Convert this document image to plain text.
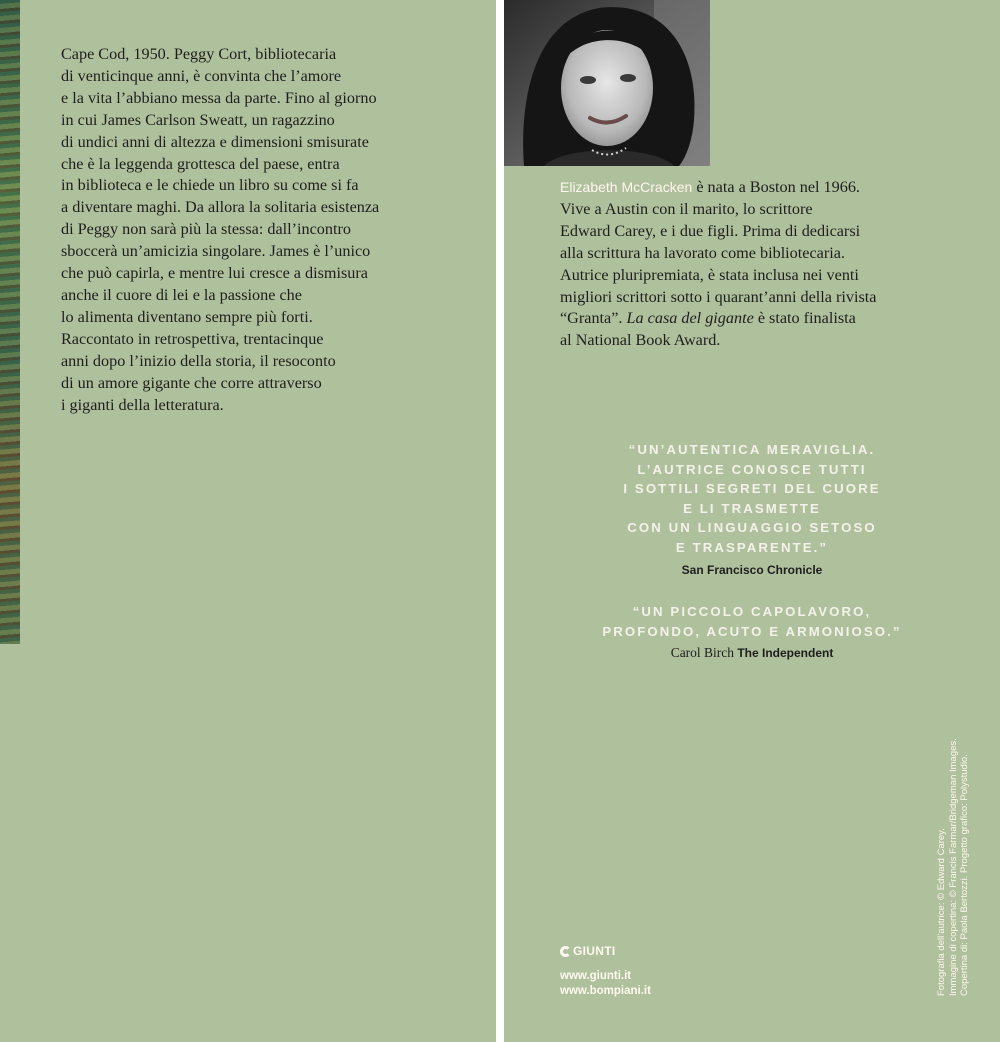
Cape Cod, 1950. Peggy Cort, bibliotecaria
di venticinque anni, è convinta che l’amore
e la vita l’abbiano messa da parte. Fino al giorno
in cui James Carlson Sweatt, un ragazzino
di undici anni di altezza e dimensioni smisurate
che è la leggenda grottesca del paese, entra
in biblioteca e le chiede un libro su come si fa
a diventare maghi. Da allora la solitaria esistenza
di Peggy non sarà più la stessa: dall’incontro
sboccerà un’amicizia singolare. James è l’unico
che può capirla, e mentre lui cresce a dismisura
anche il cuore di lei e la passione che
lo alimenta diventano sempre più forti.
Raccontato in retrospettiva, trentacinque
anni dopo l’inizio della storia, il resoconto
di un amore gigante che corre attraverso
i giganti della letteratura.

Elizabeth McCracken è nata a Boston nel 1966.
Vive a Austin con il marito, lo scrittore
Edward Carey, e i due figli. Prima di dedicarsi
alla scrittura ha lavorato come bibliotecaria.
Autrice pluripremiata, è stata inclusa nei venti
migliori scrittori sotto i quarant’anni della rivista
“Granta”. La casa del gigante è stato finalista
al National Book Award.

“UN’AUTENTICA MERAVIGLIA.
L’AUTRICE CONOSCE TUTTI
I SOTTILI SEGRETI DEL CUORE
E LI TRASMETTE
CON UN LINGUAGGIO SETOSO
E TRASPARENTE.”
San Francisco Chronicle

“UN PICCOLO CAPOLAVORO,
PROFONDO, ACUTO E ARMONIOSO.”
Carol Birch The Independent

GIUNTI
www.giunti.it
www.bompiani.it	Fotografia dell’autrice: © Edward Carey. Immagine di copertina: © Francis Farmar/Bridgeman Images. Copertina di: Paola Bertozzi. Progetto grafico: Polystudio.
